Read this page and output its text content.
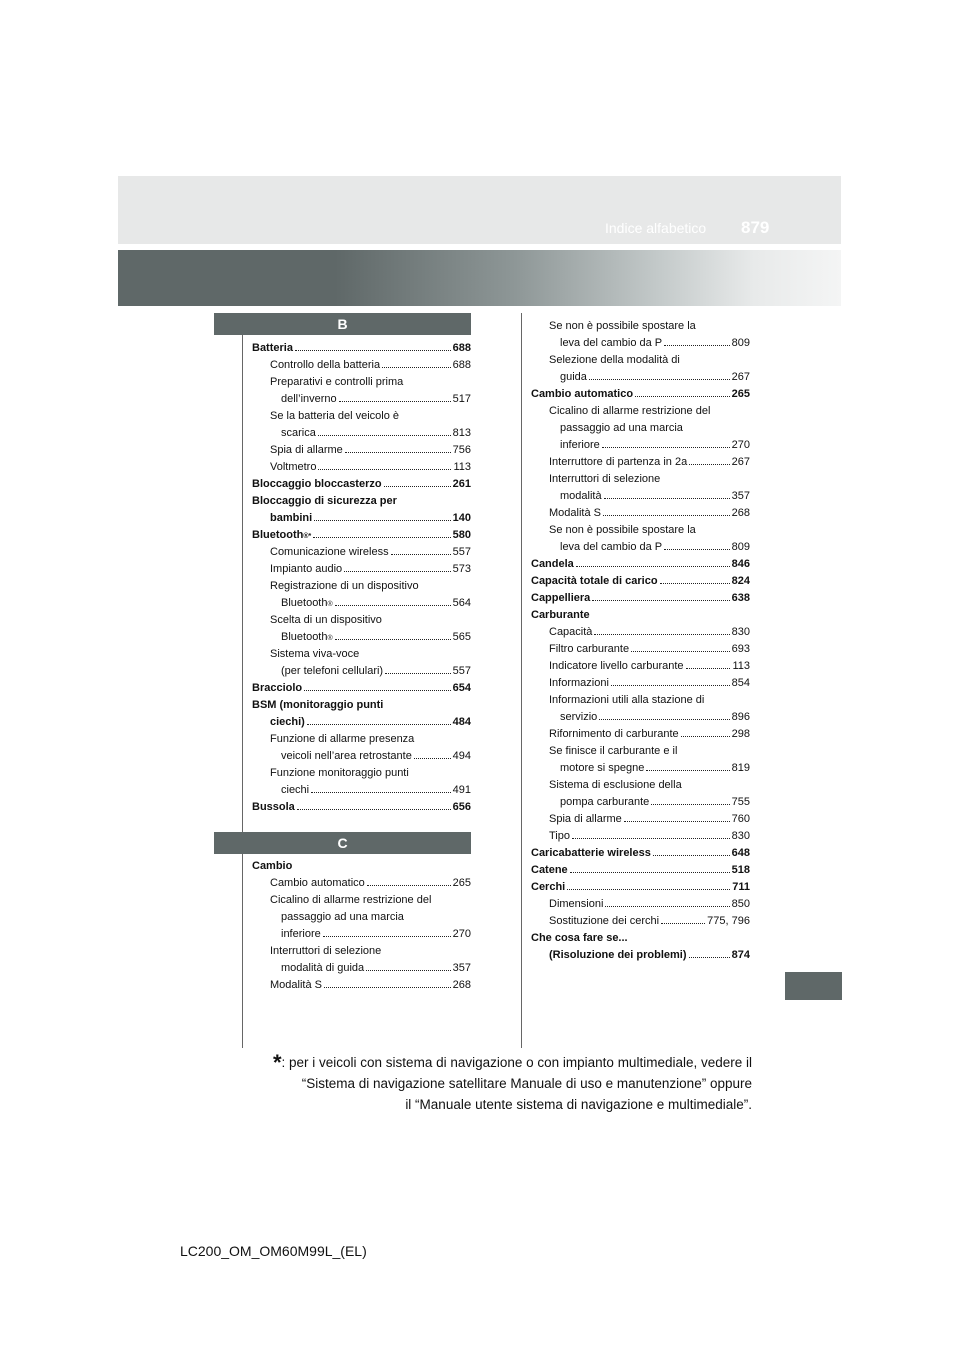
Indice alfabetico 879
B
Batteria	688
Controllo della batteria	688
Preparativi e controlli prima
dell’inverno	517
Se la batteria del veicolo è
scarica	813
Spia di allarme	756
Voltmetro	113
Bloccaggio bloccasterzo	261
Bloccaggio di sicurezza per
bambini	140
Bluetooth ®*	580
Comunicazione wireless	557
Impianto audio	573
Registrazione di un dispositivo
Bluetooth ®	564
Scelta di un dispositivo
Bluetooth ®	565
Sistema viva-voce
(per telefoni cellulari)	557
Bracciolo	654
BSM (monitoraggio punti
ciechi)	484
Funzione di allarme presenza
veicoli nell’area retrostante	494
Funzione monitoraggio punti
ciechi	491
Bussola	656
C
Cambio
Cambio automatico	265
Cicalino di allarme restrizione del
passaggio ad una marcia
inferiore	270
Interruttori di selezione
modalità di guida	357
Modalità S	268
Se non è possibile spostare la
leva del cambio da P	809
Selezione della modalità di
guida	267
Cambio automatico	265
Cicalino di allarme restrizione del
passaggio ad una marcia
inferiore	270
Interruttore di partenza in 2a	267
Interruttori di selezione
modalità	357
Modalità S	268
Se non è possibile spostare la
leva del cambio da P	809
Candela	846
Capacità totale di carico	824
Cappelliera	638
Carburante
Capacità	830
Filtro carburante	693
Indicatore livello carburante	113
Informazioni	854
Informazioni utili alla stazione di
servizio	896
Rifornimento di carburante	298
Se finisce il carburante e il
motore si spegne	819
Sistema di esclusione della
pompa carburante	755
Spia di allarme	760
Tipo	830
Caricabatterie wireless	648
Catene	518
Cerchi	711
Dimensioni	850
Sostituzione dei cerchi	775, 796
Che cosa fare se...
(Risoluzione dei problemi)	874
*: per i veicoli con sistema di navigazione o con impianto multimediale, vedere il
“Sistema di navigazione satellitare Manuale di uso e manutenzione” oppure
il “Manuale utente sistema di navigazione e multimediale”.
LC200_OM_OM60M99L_(EL)
